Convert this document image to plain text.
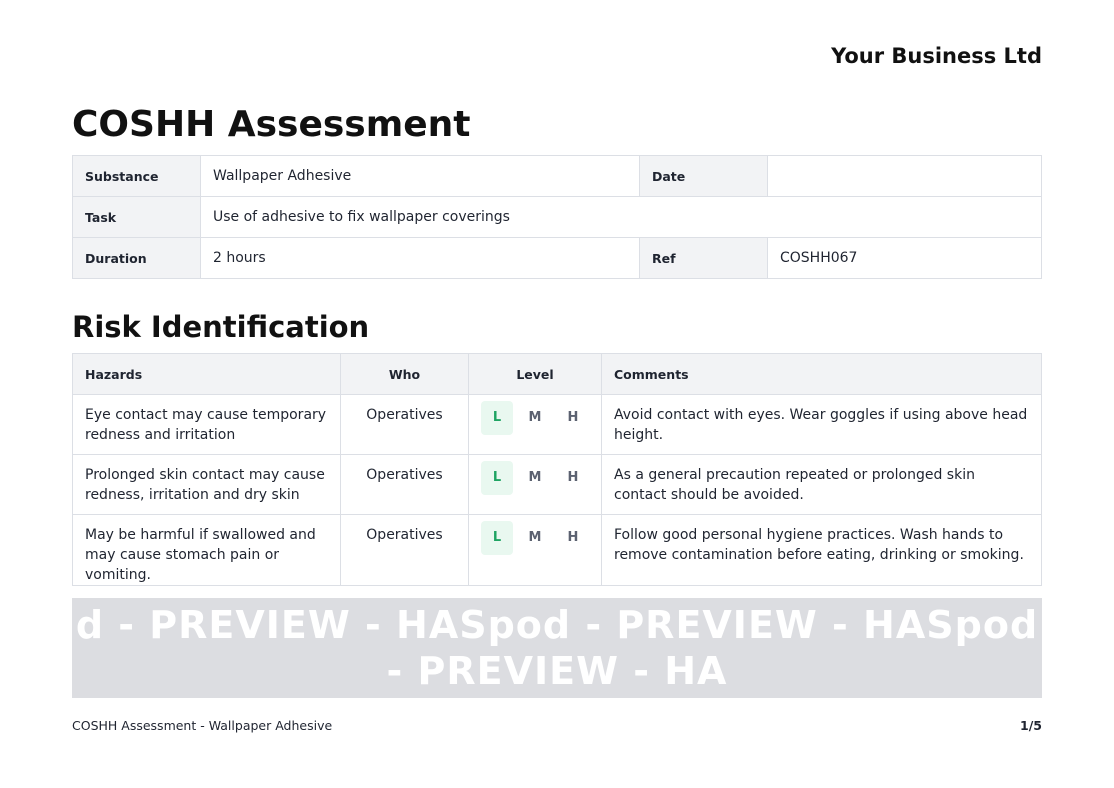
Your Business Ltd
COSHH Assessment
Substance	Wallpaper Adhesive	Date	
Task	Use of adhesive to fix wallpaper coverings		
Duration	2 hours	Ref	COSHH067
Risk Identification
Hazards	Who	Level	Comments
Eye contact may cause temporary redness and irritation	Operatives	L M H	Avoid contact with eyes. Wear goggles if using above head height.
Prolonged skin contact may cause redness, irritation and dry skin	Operatives	L M H	As a general precaution repeated or prolonged skin contact should be avoided.
May be harmful if swallowed and may cause stomach pain or vomiting.	Operatives	L M H	Follow good personal hygiene practices. Wash hands to remove contamination before eating, drinking or smoking.
d - PREVIEW - HASpod - PREVIEW - HASpod - PREVIEW - HA
COSHH Assessment - Wallpaper Adhesive	1/5
